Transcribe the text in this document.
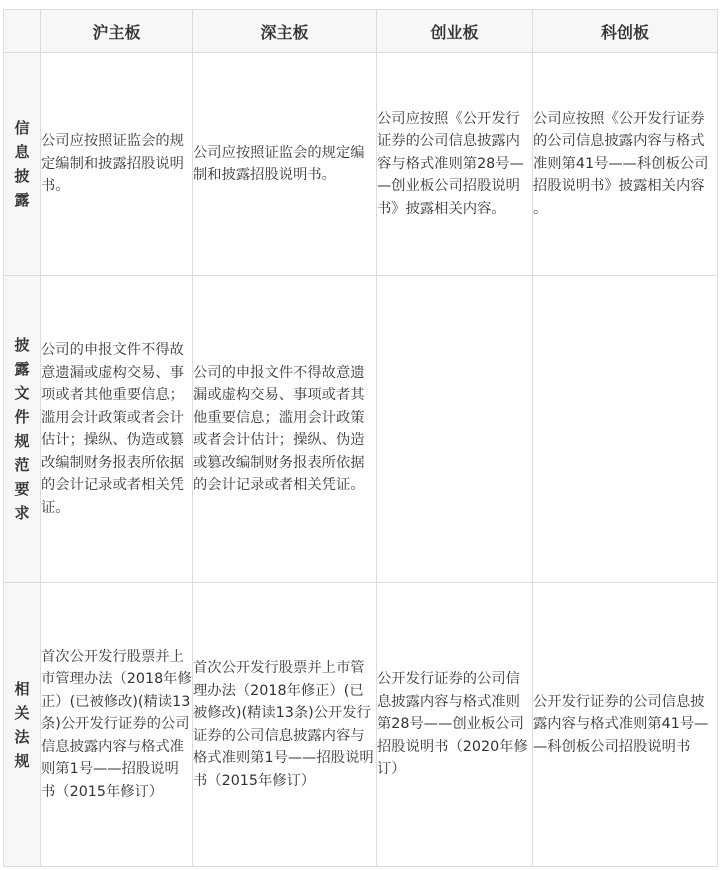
	沪主板	深主板	创业板	科创板
信息披露	公司应按照证监会的规定编制和披露招股说明书。	公司应按照证监会的规定编制和披露招股说明书。	公司应按照《公开发行证券的公司信息披露内容与格式准则第28号——创业板公司招股说明书》披露相关内容。	公司应按照《公开发行证券的公司信息披露内容与格式准则第41号——科创板公司招股说明书》披露相关内容。
披露文件规范要求	公司的申报文件不得故意遗漏或虚构交易、事项或者其他重要信息；滥用会计政策或者会计估计；操纵、伪造或篡改编制财务报表所依据的会计记录或者相关凭证。	公司的申报文件不得故意遗漏或虚构交易、事项或者其他重要信息；滥用会计政策或者会计估计；操纵、伪造或篡改编制财务报表所依据的会计记录或者相关凭证。		
相关法规	首次公开发行股票并上市管理办法（2018年修正）(已被修改)(精读13条)公开发行证券的公司信息披露内容与格式准则第1号——招股说明书（2015年修订）	首次公开发行股票并上市管理办法（2018年修正）(已被修改)(精读13条)公开发行证券的公司信息披露内容与格式准则第1号——招股说明书（2015年修订）	公开发行证券的公司信息披露内容与格式准则第28号——创业板公司招股说明书（2020年修订）	公开发行证券的公司信息披露内容与格式准则第41号——科创板公司招股说明书
